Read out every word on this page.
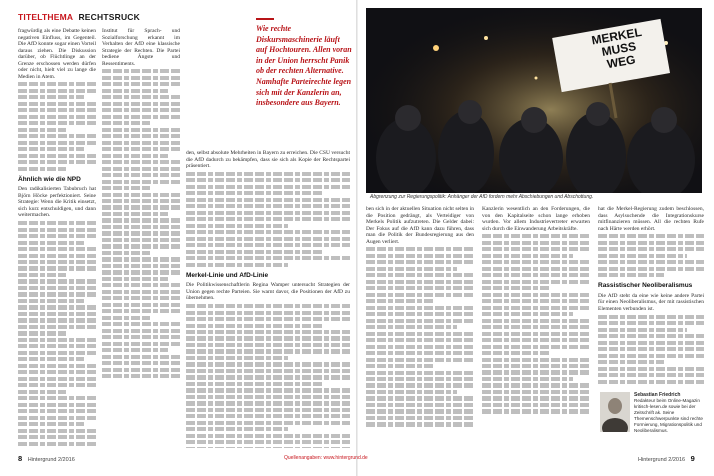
TITELTHEMA RECHTSRUCK

fragwürdig als eine Debatte keinen negativen Einfluss, im Gegenteil. Die AfD konnte sogar einen Vorteil daraus ziehen. Die Diskussion darüber, ob Flüchtlinge an der Grenze erschossen werden dürfen oder nicht, hielt viel zu lange die Medien in Atem.

Ähnlich wie die NPD

Den radikalisierten Tabubruch hat Björn Höcke perfektioniert. Seine Strategie: Wenn die Kritik einsetzt, sich kurz entschuldigen, und dann weitermachen.

Institut für Sprach- und Sozialforschung erkannt im Verhalten der AfD eine klassische Strategie der Rechten. Die Partei bediene Ängste und Ressentiments.

Wie rechte Diskursmaschinerie läuft auf Hochtouren. Allen voran in der Union herrscht Panik ob der rechten Alternative. Namhafte Parteirechte legen sich mit der Kanzlerin an, insbesondere aus Bayern.

den, selbst absolute Mehrheiten in Bayern zu erreichen. Die CSU versucht die AfD dadurch zu bekämpfen, dass sie sich als Kopie der Rechtspartei präsentiert.

Merkel-Linie und AfD-Linie

Die Politikwissenschaftlerin Regina Wamper untersucht Strategien der Union gegen rechte Parteien. Sie warnt davor, die Positionen der AfD zu übernehmen.

MERKEL
MUSS
WEG
Abgrenzung zur Regierungspolitik: Anhänger der AfD fordern mehr Abschiebungen und Abschottung.

ben sich in der aktuellen Situation nicht selten in die Position gedrängt, als Verteidiger von Merkels Politik aufzutreten. Die Gelder dabei: Der Fokus auf die AfD kann dazu führen, dass man die Politik der Bundesregierung aus den Augen verliert.

Kanzlerin wesentlich an den Forderungen, die von den Kapitalseite schon lange erhoben wurden. Vor allem Industrievertreter erwarten sich durch die Einwanderung Arbeitskräfte.

hat die Merkel-Regierung zudem beschlossen, dass Asylsuchende die Integrationskurse mitfinanzieren müssen. All die rechten Rufe nach Härte werden erhört.

Rassistischer Neoliberalismus

Die AfD steht da eine wie keine andere Partei für einen Neoliberalismus, der mit rassistischen Elementen verbunden ist.

Sebastian Friedrich
Redakteur beim Online-Magazin kritisch-lesen.de sowie bei der Zeitschrift ak. Seine Themenschwerpunkte sind rechte Formierung, Migrationspolitik und Neoliberalismus.
8 Hintergrund 2/2016	Quellenangaben: www.hintergrund.de	Hintergrund 2/2016 9
